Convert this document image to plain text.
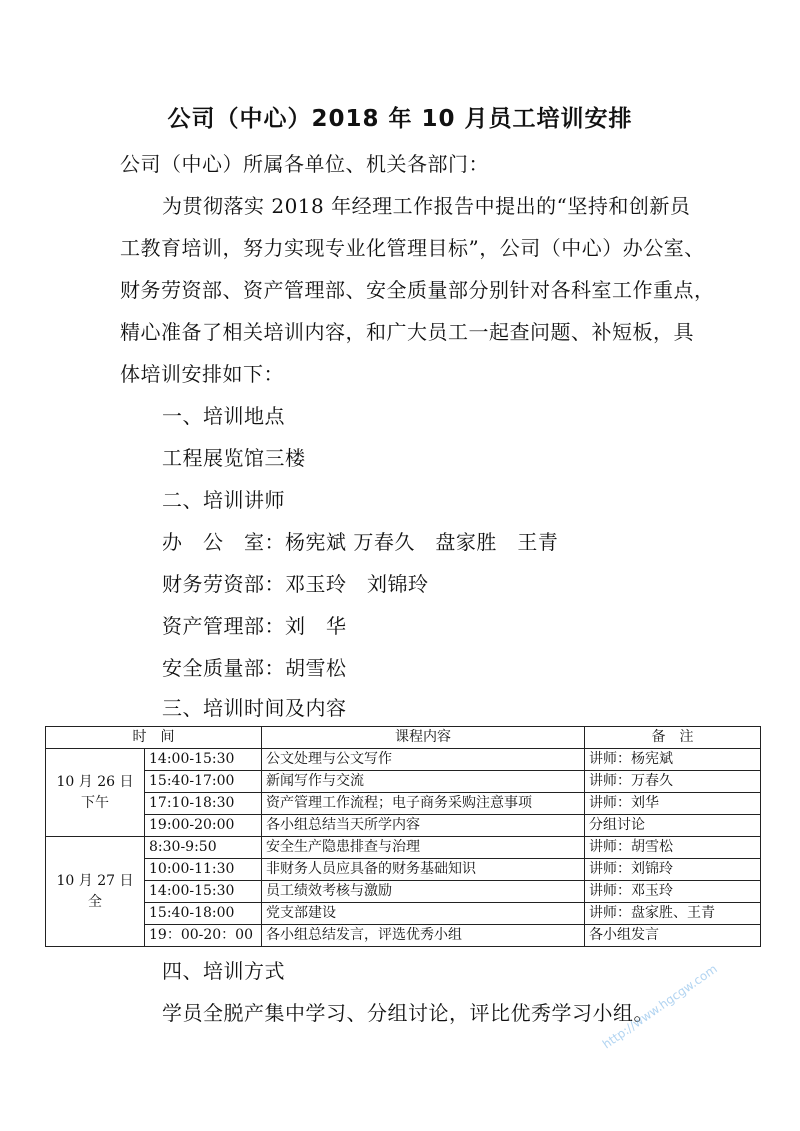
公司（中心）2018 年 10 月员工培训安排
公司（中心）所属各单位、机关各部门：
为贯彻落实 2018 年经理工作报告中提出的“坚持和创新员
工教育培训，努力实现专业化管理目标”，公司（中心）办公室、
财务劳资部、资产管理部、安全质量部分别针对各科室工作重点，
精心准备了相关培训内容，和广大员工一起查问题、补短板，具
体培训安排如下：
一、培训地点
工程展览馆三楼
二、培训讲师
办　公　室：杨宪斌 万春久　盘家胜　王青
财务劳资部：邓玉玲　刘锦玲
资产管理部：刘　华
安全质量部：胡雪松
三、培训时间及内容
时　间		课程内容	备　注
10 月 26 日下午	14:00-15:30	公文处理与公文写作	讲师：杨宪斌
	15:40-17:00	新闻写作与交流	讲师：万春久
	17:10-18:30	资产管理工作流程；电子商务采购注意事项	讲师：刘华
	19:00-20:00	各小组总结当天所学内容	分组讨论
10 月 27 日全	8:30-9:50	安全生产隐患排查与治理	讲师：胡雪松
	10:00-11:30	非财务人员应具备的财务基础知识	讲师：刘锦玲
	14:00-15:30	员工绩效考核与激励	讲师：邓玉玲
	15:40-18:00	党支部建设	讲师：盘家胜、王青
	19：00-20：00	各小组总结发言，评选优秀小组	各小组发言
四、培训方式
学员全脱产集中学习、分组讨论，评比优秀学习小组。
http://www.hgcgw.com
